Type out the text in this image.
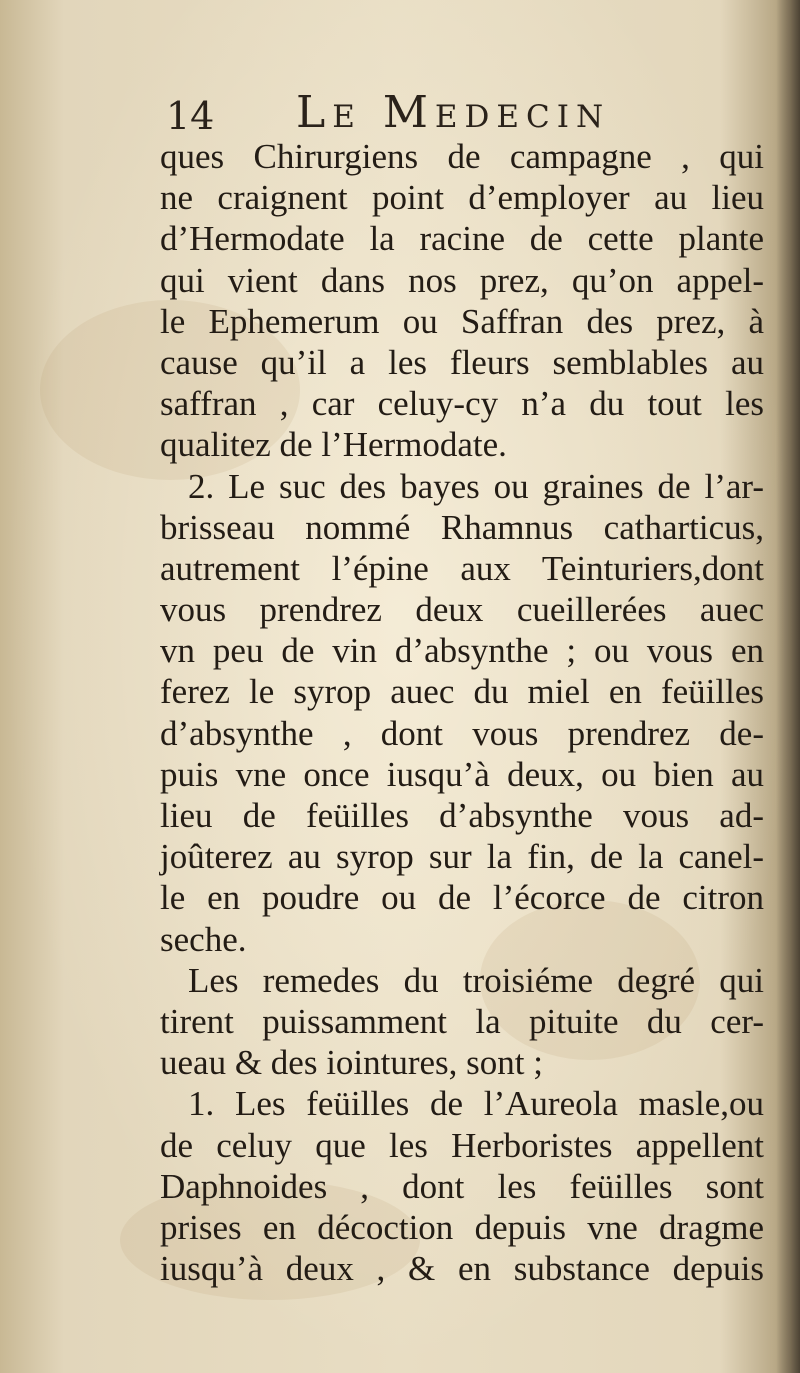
14 Le Medecin
ques Chirurgiens de campagne , qui
ne craignent point d’employer au lieu
d’Hermodate la racine de cette plante
qui vient dans nos prez, qu’on appel-
le Ephemerum ou Saffran des prez, à
cause qu’il a les fleurs semblables au
saffran , car celuy-cy n’a du tout les
qualitez de l’Hermodate.
2. Le suc des bayes ou graines de l’ar-
brisseau nommé Rhamnus catharticus,
autrement l’épine aux Teinturiers,dont
vous prendrez deux cueillerées auec
vn peu de vin d’absynthe ; ou vous en
ferez le syrop auec du miel en feüilles
d’absynthe , dont vous prendrez de-
puis vne once iusqu’à deux, ou bien au
lieu de feüilles d’absynthe vous ad-
joûterez au syrop sur la fin, de la canel-
le en poudre ou de l’écorce de citron
seche.
Les remedes du troisiéme degré qui
tirent puissamment la pituite du cer-
ueau & des iointures, sont ;
1. Les feüilles de l’Aureola masle,ou
de celuy que les Herboristes appellent
Daphnoides , dont les feüilles sont
prises en décoction depuis vne dragme
iusqu’à deux , & en substance depuis
